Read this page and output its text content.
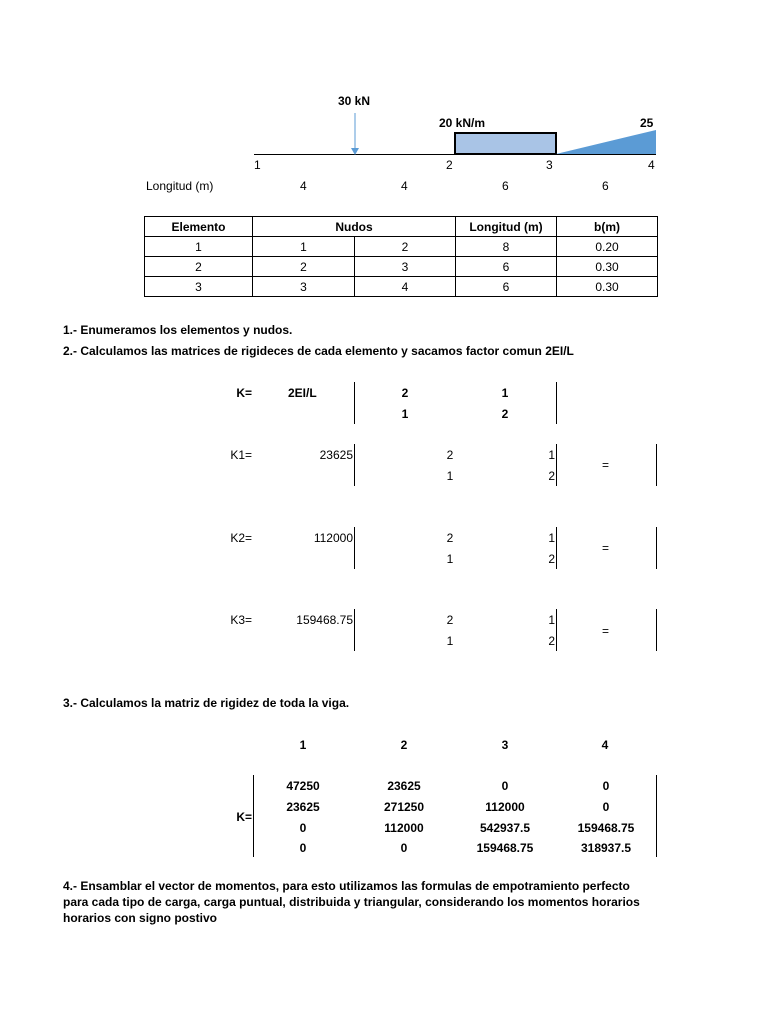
30 kN
20 kN/m	25
1	2	3	4
Longitud (m)	4	4	6	6
Elemento	Nudos		Longitud (m)	b(m)
1	1	2	8	0.20
2	2	3	6	0.30
3	3	4	6	0.30
1.- Enumeramos los elementos y nudos.
2.- Calculamos las matrices de rigideces de cada elemento y sacamos factor comun 2EI/L
K=	2EI/L	2	1
1	2
K1=	23625	2	1
1	2
=
K2=	112000	2	1
1	2
=
K3=	159468.75	2	1
1	2
=
3.- Calculamos la matriz de rigidez de toda la viga.
1	2	3	4
K=
47250	23625	0	0
23625	271250	112000	0
0	112000	542937.5	159468.75
0	0	159468.75	318937.5
4.- Ensamblar el vector de momentos, para esto utilizamos las formulas de empotramiento perfecto
para cada tipo de carga, carga puntual, distribuida y triangular, considerando los momentos horarios
horarios con signo postivo
